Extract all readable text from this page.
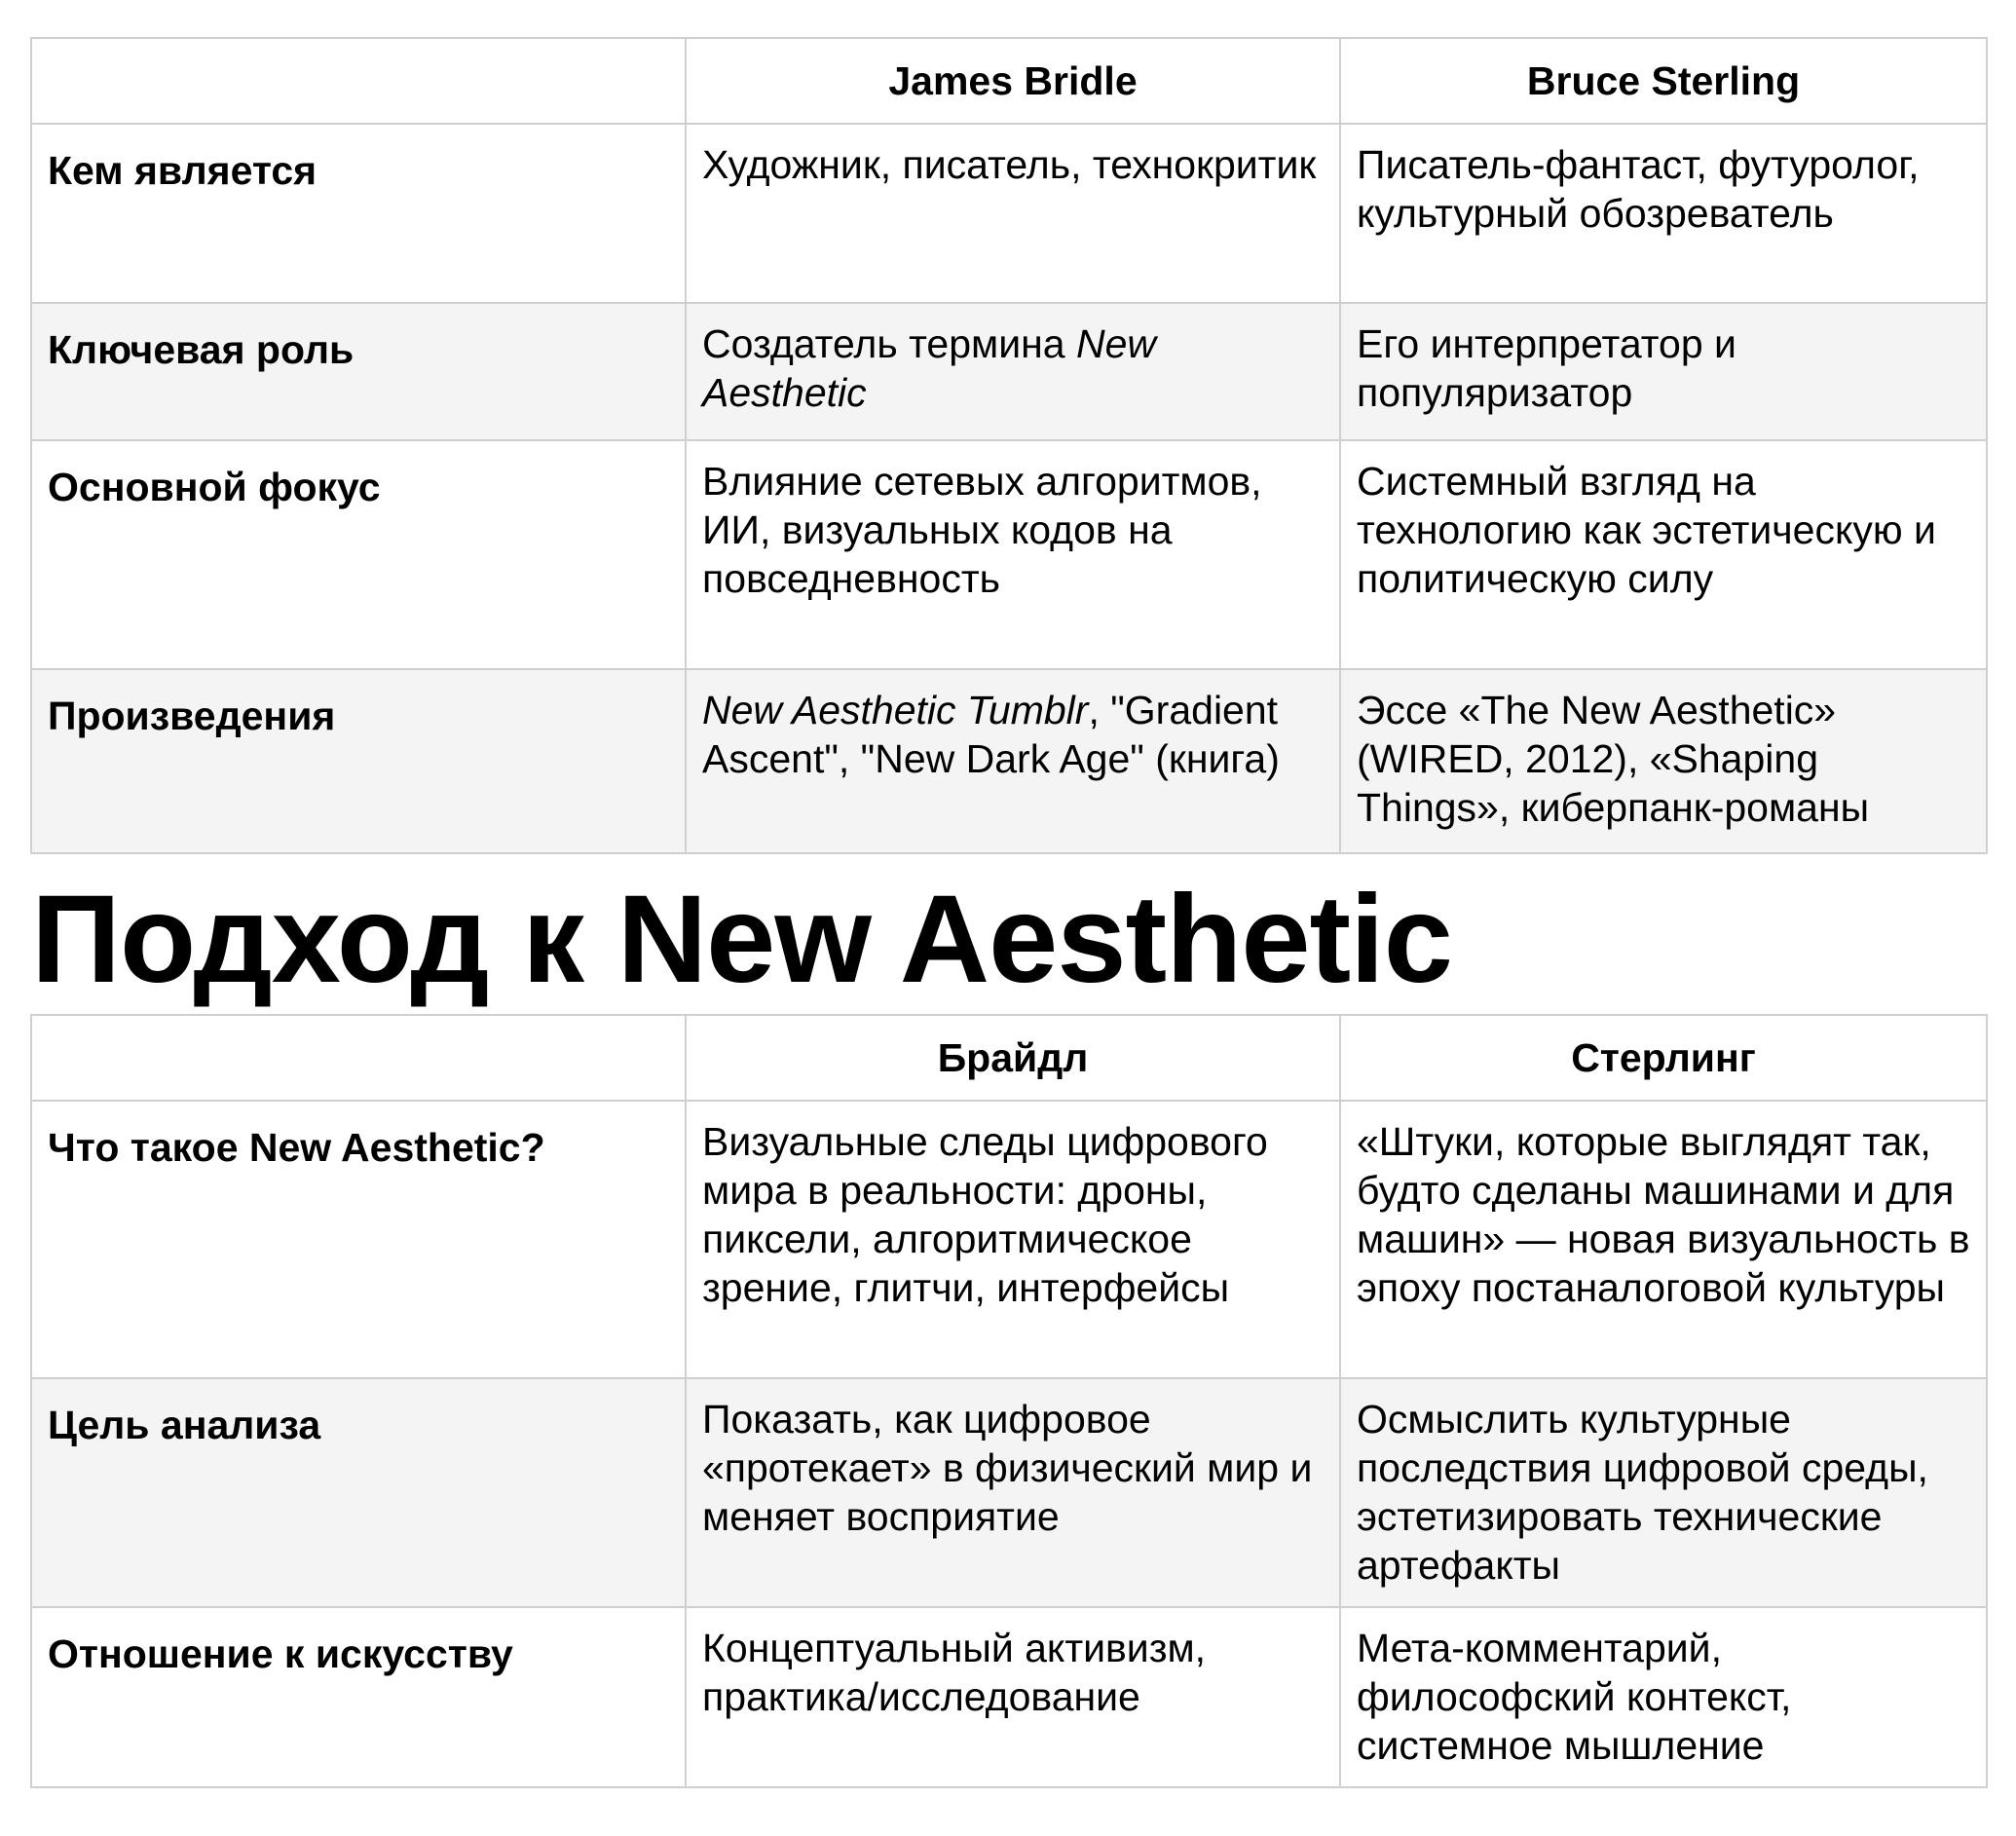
	James Bridle	Bruce Sterling
Кем является	Художник, писатель, технокритик	Писатель-фантаст, футуролог, культурный обозреватель
Ключевая роль	Создатель термина New Aesthetic	Его интерпретатор и популяризатор
Основной фокус	Влияние сетевых алгоритмов, ИИ, визуальных кодов на повседневность	Системный взгляд на технологию как эстетическую и политическую силу
Произведения	New Aesthetic Tumblr, "Gradient Ascent", "New Dark Age" (книга)	Эссе «The New Aesthetic» (WIRED, 2012), «Shaping Things», киберпанк-романы
Подход к New Aesthetic
	Брайдл	Стерлинг
Что такое New Aesthetic?	Визуальные следы цифрового мира в реальности: дроны, пиксели, алгоритмическое зрение, глитчи, интерфейсы	«Штуки, которые выглядят так, будто сделаны машинами и для машин» — новая визуальность в эпоху постаналоговой культуры
Цель анализа	Показать, как цифровое «протекает» в физический мир и меняет восприятие	Осмыслить культурные последствия цифровой среды, эстетизировать технические артефакты
Отношение к искусству	Концептуальный активизм, практика/исследование	Мета-комментарий, философский контекст, системное мышление
